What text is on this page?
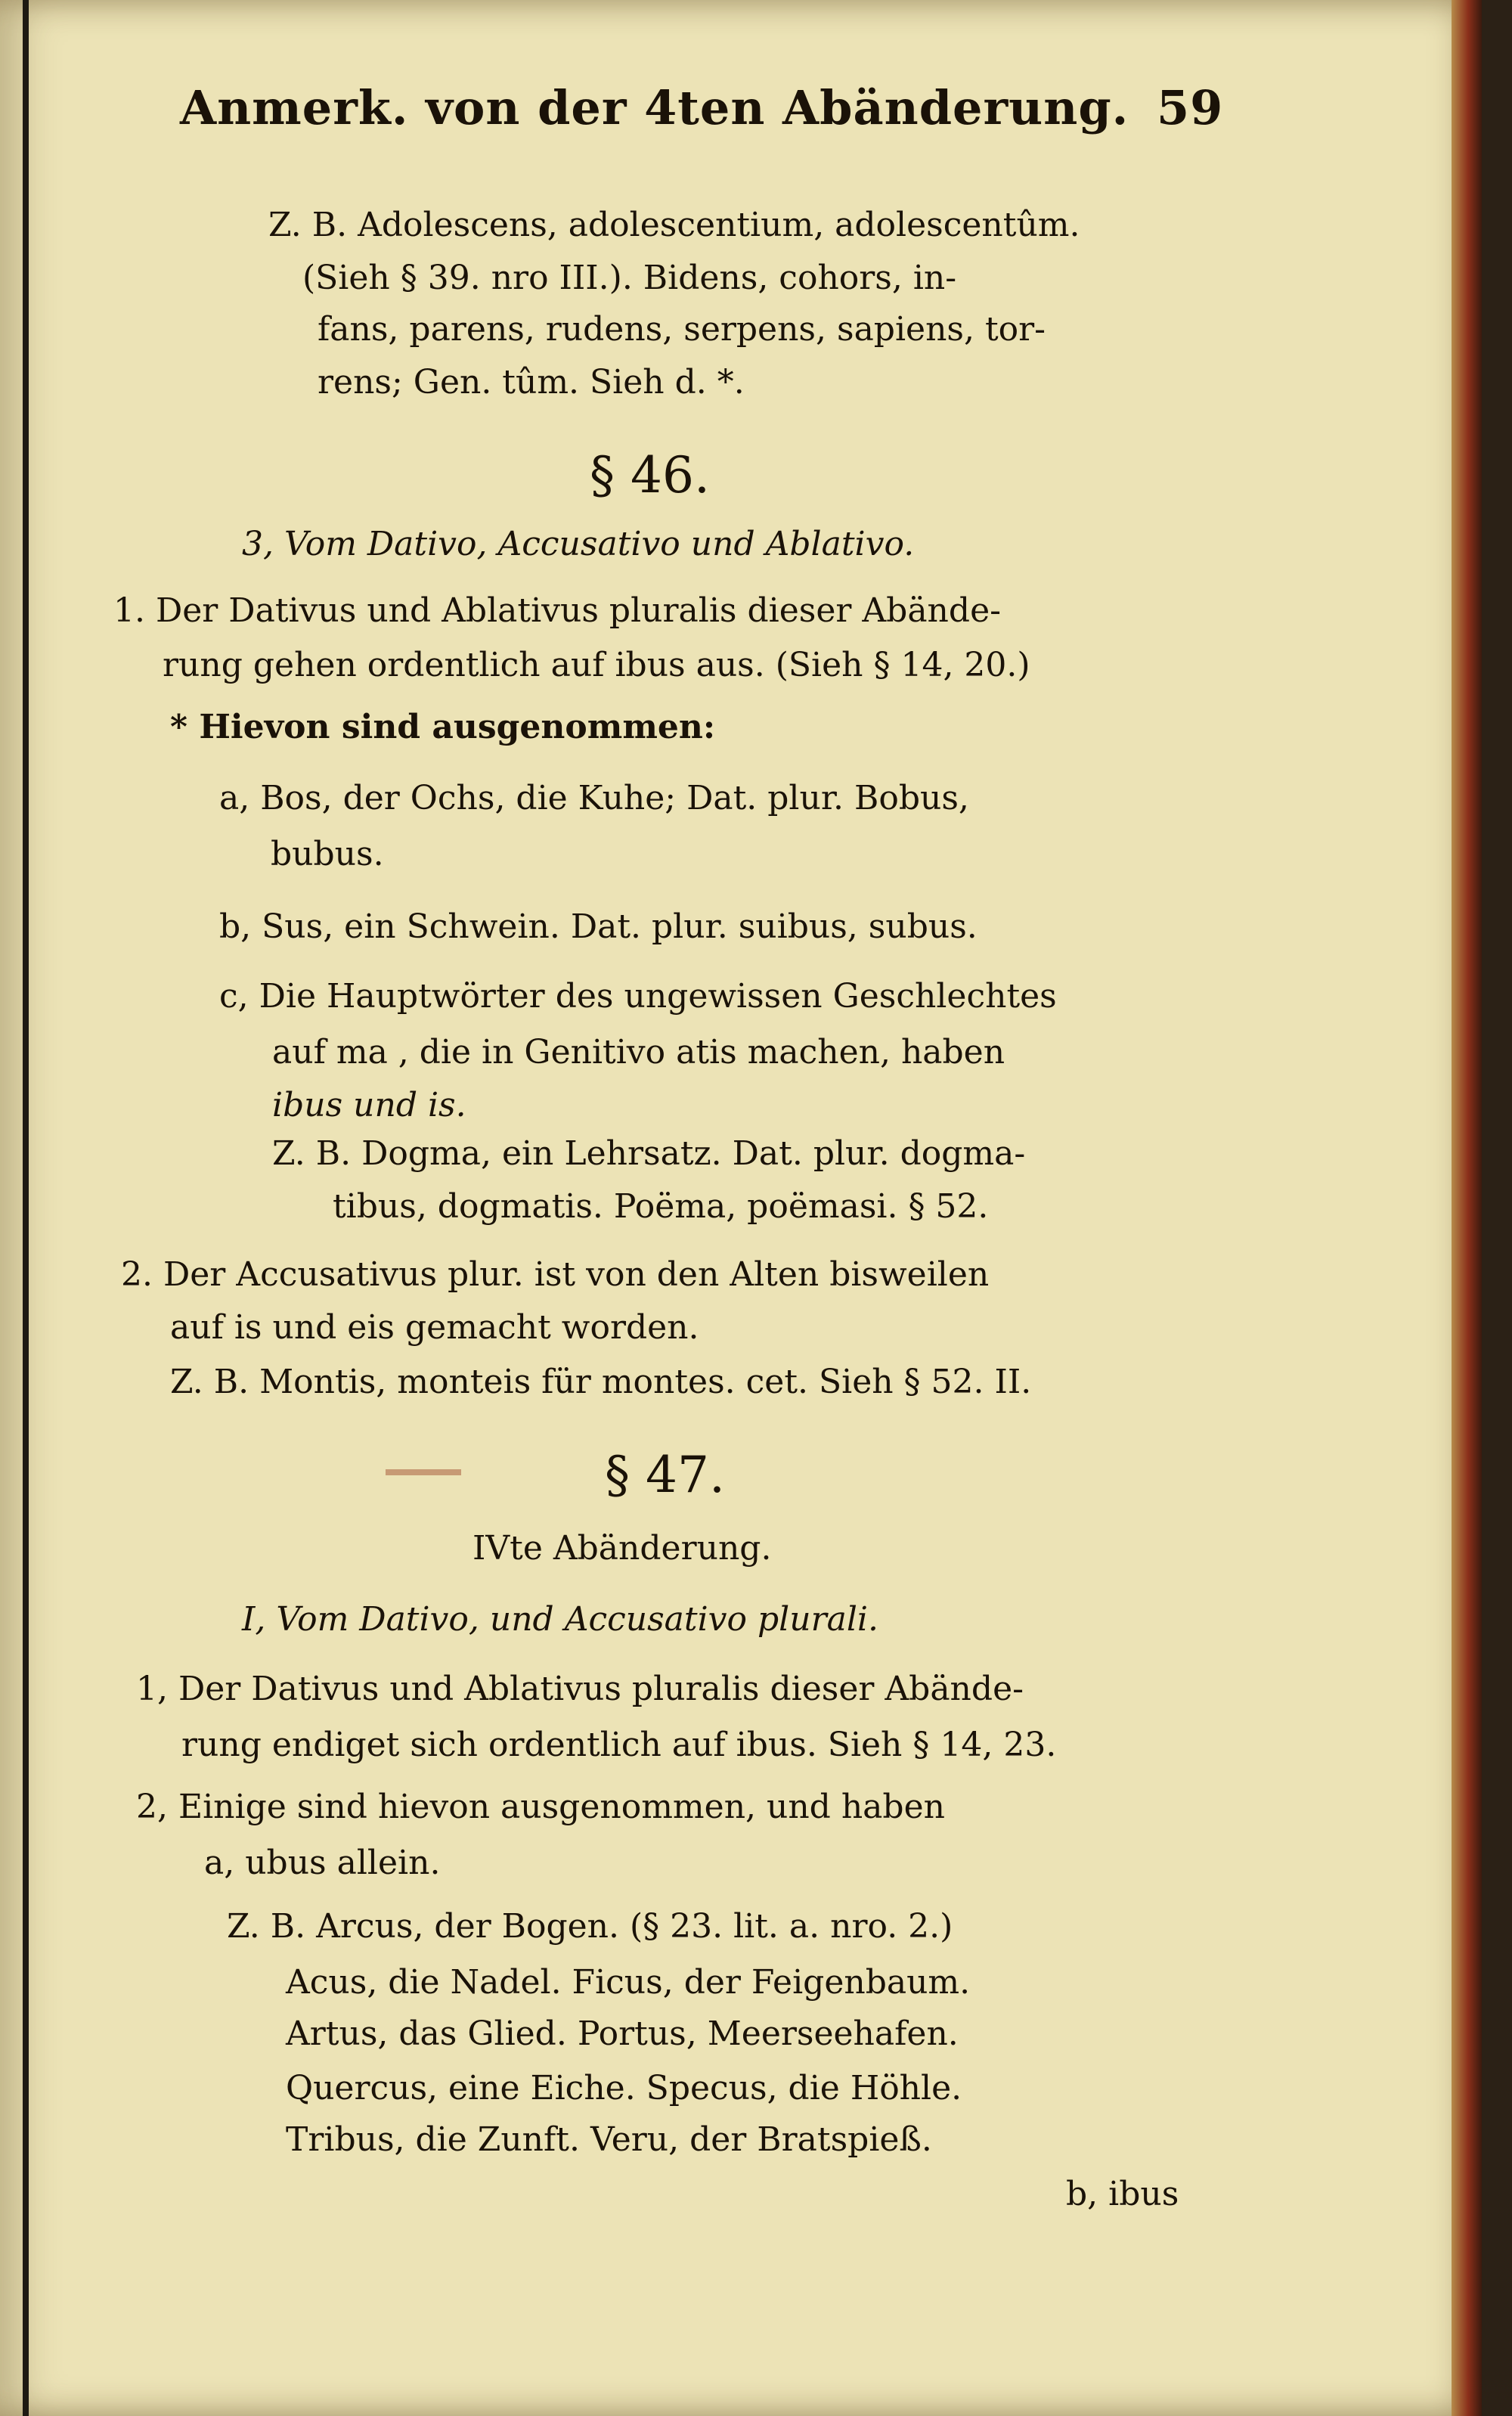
Anmerk. von der 4ten Abänderung. 59
Z. B. Adolescens, adolescentium, adolescentûm.
(Sieh § 39. nro III.). Bidens, cohors, in-
fans, parens, rudens, serpens, sapiens, tor-
rens; Gen. tûm. Sieh d. *.
§ 46.
3, Vom Dativo, Accusativo und Ablativo.
1. Der Dativus und Ablativus pluralis dieser Abände-
rung gehen ordentlich auf ibus aus. (Sieh § 14, 20.)
* Hievon sind ausgenommen:
a, Bos, der Ochs, die Kuhe; Dat. plur. Bobus,
bubus.
b, Sus, ein Schwein. Dat. plur. suibus, subus.
c, Die Hauptwörter des ungewissen Geschlechtes
auf ma , die in Genitivo atis machen, haben
ibus und is.
Z. B. Dogma, ein Lehrsatz. Dat. plur. dogma-
tibus, dogmatis. Poëma, poëmasi. § 52.
2. Der Accusativus plur. ist von den Alten bisweilen
auf is und eis gemacht worden.
Z. B. Montis, monteis für montes. cet. Sieh § 52. II.
§ 47.
IVte Abänderung.
I, Vom Dativo, und Accusativo plurali.
1, Der Dativus und Ablativus pluralis dieser Abände-
rung endiget sich ordentlich auf ibus. Sieh § 14, 23.
2, Einige sind hievon ausgenommen, und haben
a, ubus allein.
Z. B. Arcus, der Bogen. (§ 23. lit. a. nro. 2.)
Acus, die Nadel. Ficus, der Feigenbaum.
Artus, das Glied. Portus, Meerseehafen.
Quercus, eine Eiche. Specus, die Höhle.
Tribus, die Zunft. Veru, der Bratspieß.
b, ibus
